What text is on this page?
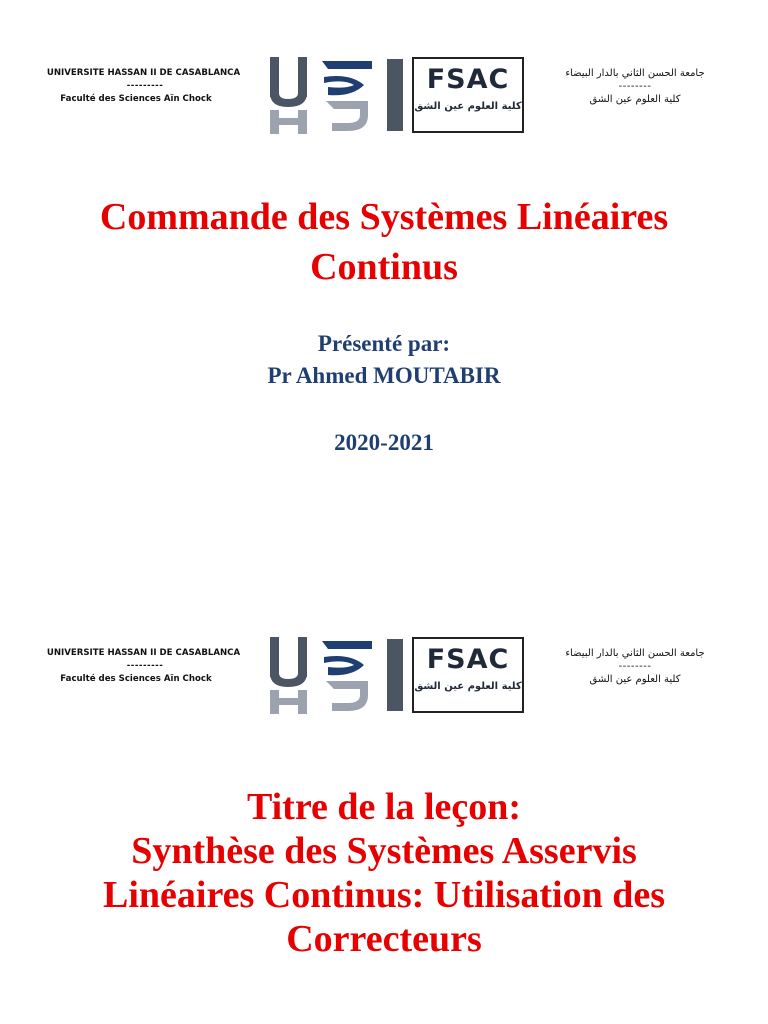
UNIVERSITE HASSAN II DE CASABLANCA
---------
Faculté des Sciences Aïn Chock
FSAC
كلية العلوم عين الشق
جامعة الحسن الثاني بالدار البيضاء
--------
كلية العلوم عين الشق
Commande des Systèmes Linéaires
Continus
Présenté par:
Pr Ahmed MOUTABIR
2020-2021
UNIVERSITE HASSAN II DE CASABLANCA
---------
Faculté des Sciences Aïn Chock
FSAC
كلية العلوم عين الشق
جامعة الحسن الثاني بالدار البيضاء
--------
كلية العلوم عين الشق
Titre de la leçon:
Synthèse des Systèmes Asservis
Linéaires Continus: Utilisation des
Correcteurs
